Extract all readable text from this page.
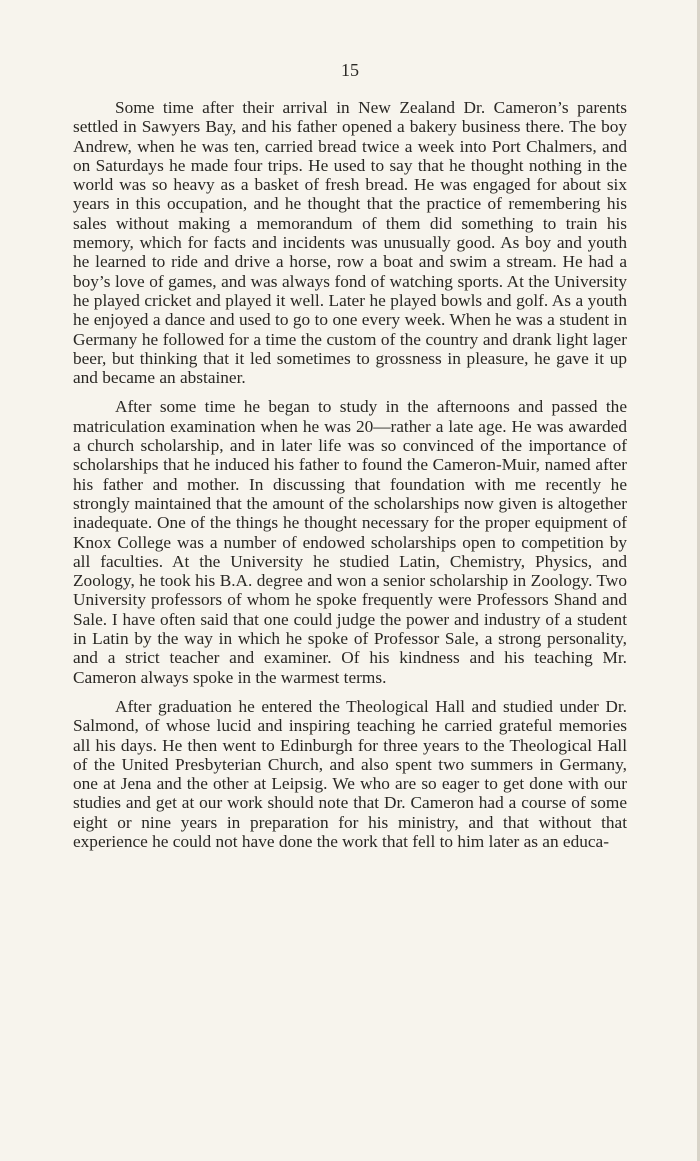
15

Some time after their arrival in New Zealand Dr. Cameron’s parents settled in Sawyers Bay, and his father opened a bakery business there. The boy Andrew, when he was ten, carried bread twice a week into Port Chalmers, and on Saturdays he made four trips. He used to say that he thought nothing in the world was so heavy as a basket of fresh bread. He was engaged for about six years in this occupation, and he thought that the practice of remembering his sales without making a memorandum of them did something to train his memory, which for facts and incidents was unusually good. As boy and youth he learned to ride and drive a horse, row a boat and swim a stream. He had a boy’s love of games, and was always fond of watching sports. At the University he played cricket and played it well. Later he played bowls and golf. As a youth he enjoyed a dance and used to go to one every week. When he was a student in Germany he followed for a time the custom of the country and drank light lager beer, but thinking that it led sometimes to grossness in pleasure, he gave it up and became an abstainer.

After some time he began to study in the afternoons and passed the matriculation examination when he was 20—rather a late age. He was awarded a church scholarship, and in later life was so convinced of the importance of scholarships that he induced his father to found the Cameron-Muir, named after his father and mother. In discussing that foundation with me recently he strongly maintained that the amount of the scholarships now given is altogether inadequate. One of the things he thought necessary for the proper equipment of Knox College was a number of endowed scholarships open to competition by all faculties. At the University he studied Latin, Chemistry, Physics, and Zoology, he took his B.A. degree and won a senior scholarship in Zoology. Two University professors of whom he spoke frequently were Professors Shand and Sale. I have often said that one could judge the power and industry of a student in Latin by the way in which he spoke of Professor Sale, a strong personality, and a strict teacher and examiner. Of his kindness and his teaching Mr. Cameron always spoke in the warmest terms.

After graduation he entered the Theological Hall and studied under Dr. Salmond, of whose lucid and inspiring teaching he carried grateful memories all his days. He then went to Edinburgh for three years to the Theological Hall of the United Presbyterian Church, and also spent two summers in Germany, one at Jena and the other at Leipsig. We who are so eager to get done with our studies and get at our work should note that Dr. Cameron had a course of some eight or nine years in preparation for his ministry, and that without that experience he could not have done the work that fell to him later as an educa-
